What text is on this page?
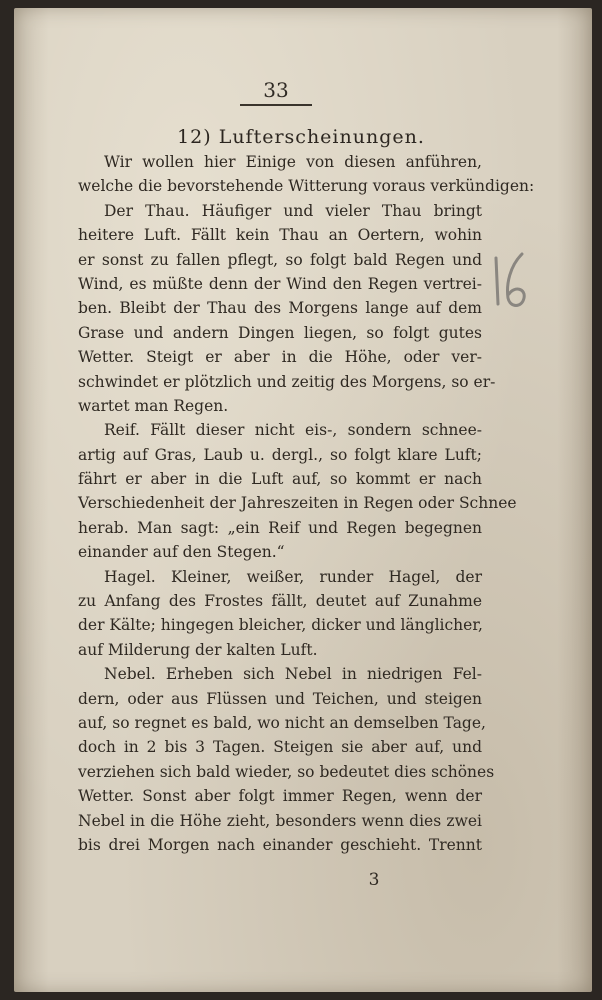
33
12) Lufterscheinungen.
Wir wollen hier Einige von diesen anführen,
welche die bevorstehende Witterung voraus verkündigen:
Der Thau. Häufiger und vieler Thau bringt
heitere Luft. Fällt kein Thau an Oertern, wohin
er sonst zu fallen pflegt, so folgt bald Regen und
Wind, es müßte denn der Wind den Regen vertrei-
ben. Bleibt der Thau des Morgens lange auf dem
Grase und andern Dingen liegen, so folgt gutes
Wetter. Steigt er aber in die Höhe, oder ver-
schwindet er plötzlich und zeitig des Morgens, so er-
wartet man Regen.
Reif. Fällt dieser nicht eis-, sondern schnee-
artig auf Gras, Laub u. dergl., so folgt klare Luft;
fährt er aber in die Luft auf, so kommt er nach
Verschiedenheit der Jahreszeiten in Regen oder Schnee
herab. Man sagt: „ein Reif und Regen begegnen
einander auf den Stegen.“
Hagel. Kleiner, weißer, runder Hagel, der
zu Anfang des Frostes fällt, deutet auf Zunahme
der Kälte; hingegen bleicher, dicker und länglicher,
auf Milderung der kalten Luft.
Nebel. Erheben sich Nebel in niedrigen Fel-
dern, oder aus Flüssen und Teichen, und steigen
auf, so regnet es bald, wo nicht an demselben Tage,
doch in 2 bis 3 Tagen. Steigen sie aber auf, und
verziehen sich bald wieder, so bedeutet dies schönes
Wetter. Sonst aber folgt immer Regen, wenn der
Nebel in die Höhe zieht, besonders wenn dies zwei
bis drei Morgen nach einander geschieht. Trennt
3
